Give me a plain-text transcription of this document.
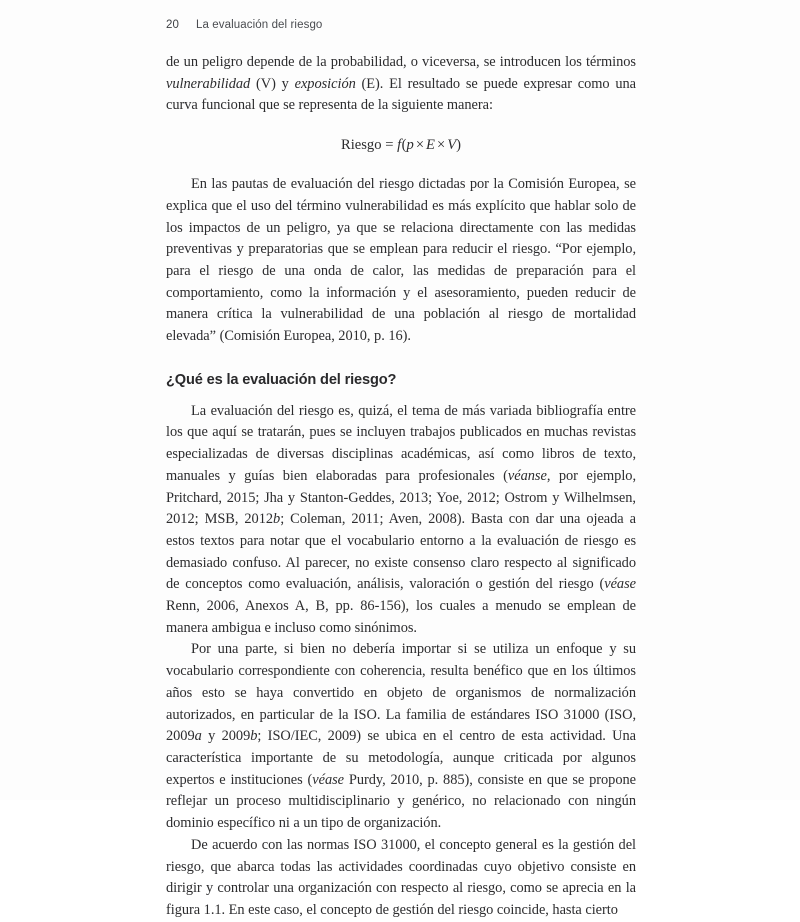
20 La evaluación del riesgo

de un peligro depende de la probabilidad, o viceversa, se introducen los términos vulnerabilidad (V) y exposición (E). El resultado se puede expresar como una curva funcional que se representa de la siguiente manera:

Riesgo = f(p × E × V)

En las pautas de evaluación del riesgo dictadas por la Comisión Europea, se explica que el uso del término vulnerabilidad es más explícito que hablar solo de los impactos de un peligro, ya que se relaciona directamente con las medidas preventivas y preparatorias que se emplean para reducir el riesgo. “Por ejemplo, para el riesgo de una onda de calor, las medidas de preparación para el comportamiento, como la información y el asesoramiento, pueden reducir de manera crítica la vulnerabilidad de una población al riesgo de mortalidad elevada” (Comisión Europea, 2010, p. 16).

¿Qué es la evaluación del riesgo?

La evaluación del riesgo es, quizá, el tema de más variada bibliografía entre los que aquí se tratarán, pues se incluyen trabajos publicados en muchas revistas especializadas de diversas disciplinas académicas, así como libros de texto, manuales y guías bien elaboradas para profesionales (véanse, por ejemplo, Pritchard, 2015; Jha y Stanton-Geddes, 2013; Yoe, 2012; Ostrom y Wilhelmsen, 2012; MSB, 2012b; Coleman, 2011; Aven, 2008). Basta con dar una ojeada a estos textos para notar que el vocabulario entorno a la evaluación de riesgo es demasiado confuso. Al parecer, no existe consenso claro respecto al significado de conceptos como evaluación, análisis, valoración o gestión del riesgo (véase Renn, 2006, Anexos A, B, pp. 86-156), los cuales a menudo se emplean de manera ambigua e incluso como sinónimos.

Por una parte, si bien no debería importar si se utiliza un enfoque y su vocabulario correspondiente con coherencia, resulta benéfico que en los últimos años esto se haya convertido en objeto de organismos de normalización autorizados, en particular de la ISO. La familia de estándares ISO 31000 (ISO, 2009a y 2009b; ISO/IEC, 2009) se ubica en el centro de esta actividad. Una característica importante de su metodología, aunque criticada por algunos expertos e instituciones (véase Purdy, 2010, p. 885), consiste en que se propone reflejar un proceso multidisciplinario y genérico, no relacionado con ningún dominio específico ni a un tipo de organización.

De acuerdo con las normas ISO 31000, el concepto general es la gestión del riesgo, que abarca todas las actividades coordinadas cuyo objetivo consiste en dirigir y controlar una organización con respecto al riesgo, como se aprecia en la figura 1.1. En este caso, el concepto de gestión del riesgo coincide, hasta cierto
